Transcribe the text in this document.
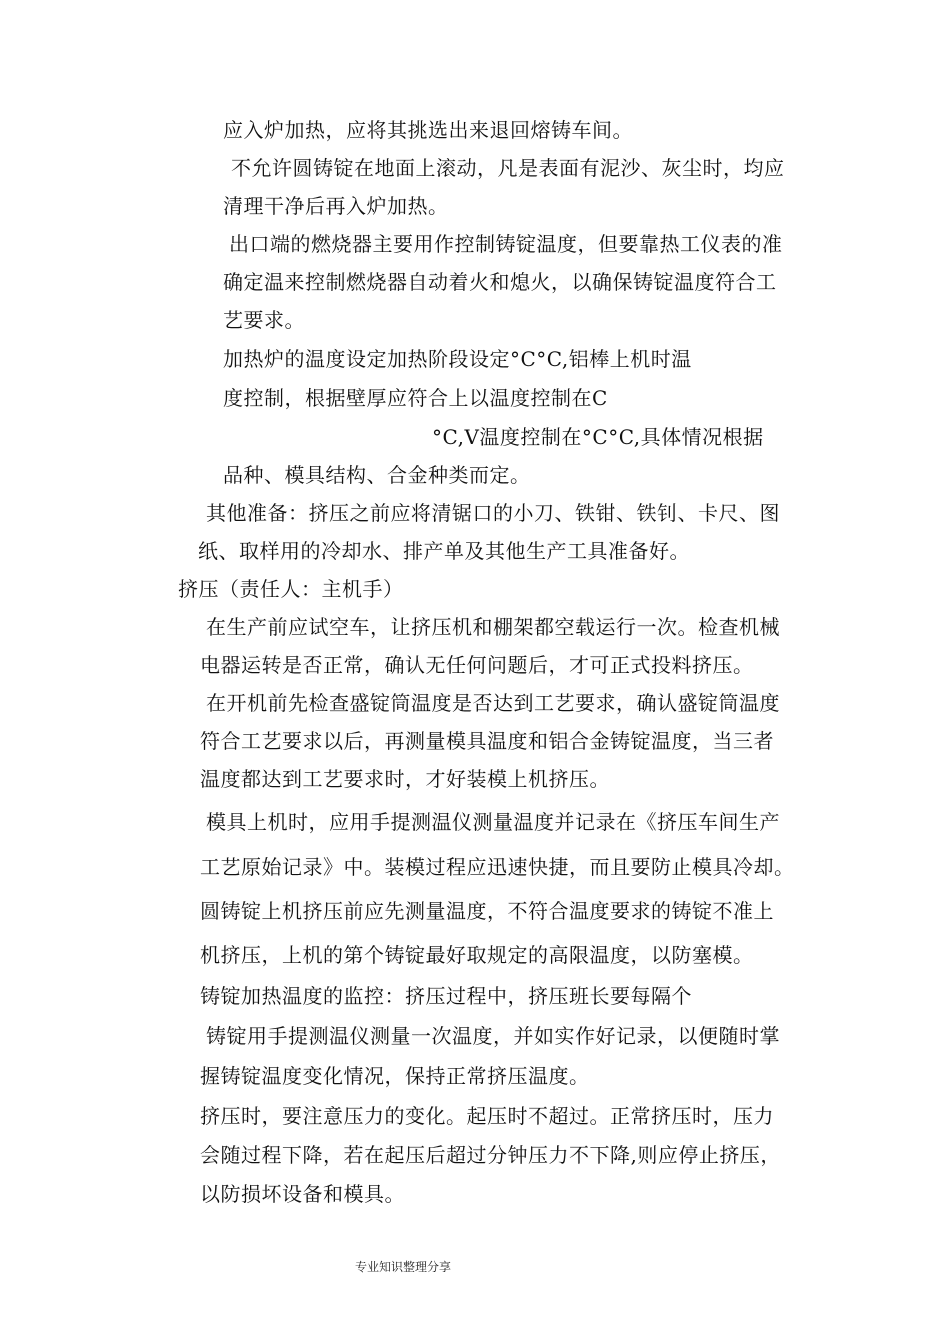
应入炉加热，应将其挑选出来退回熔铸车间。
不允许圆铸锭在地面上滚动，凡是表面有泥沙、灰尘时，均应
清理干净后再入炉加热。
出口端的燃烧器主要用作控制铸锭温度，但要靠热工仪表的准
确定温来控制燃烧器自动着火和熄火，以确保铸锭温度符合工
艺要求。
加热炉的温度设定加热阶段设定°C°C,铝棒上机时温
度控制，根据壁厚应符合上以温度控制在C
°C,V温度控制在°C°C,具体情况根据
品种、模具结构、合金种类而定。
其他准备：挤压之前应将清锯口的小刀、铁钳、铁钊、卡尺、图
纸、取样用的冷却水、排产单及其他生产工具准备好。
挤压（责任人：主机手）
在生产前应试空车，让挤压机和棚架都空载运行一次。检查机械
电器运转是否正常，确认无任何问题后，才可正式投料挤压。
在开机前先检查盛锭筒温度是否达到工艺要求，确认盛锭筒温度
符合工艺要求以后，再测量模具温度和铝合金铸锭温度，当三者
温度都达到工艺要求时，才好装模上机挤压。
模具上机时，应用手提测温仪测量温度并记录在《挤压车间生产
工艺原始记录》中。装模过程应迅速快捷，而且要防止模具冷却。
圆铸锭上机挤压前应先测量温度，不符合温度要求的铸锭不准上
机挤压，上机的第个铸锭最好取规定的高限温度，以防塞模。
铸锭加热温度的监控：挤压过程中，挤压班长要每隔个
铸锭用手提测温仪测量一次温度，并如实作好记录，以便随时掌
握铸锭温度变化情况，保持正常挤压温度。
挤压时，要注意压力的变化。起压时不超过。正常挤压时，压力
会随过程下降，若在起压后超过分钟压力不下降,则应停止挤压，
以防损坏设备和模具。
专业知识整理分享
